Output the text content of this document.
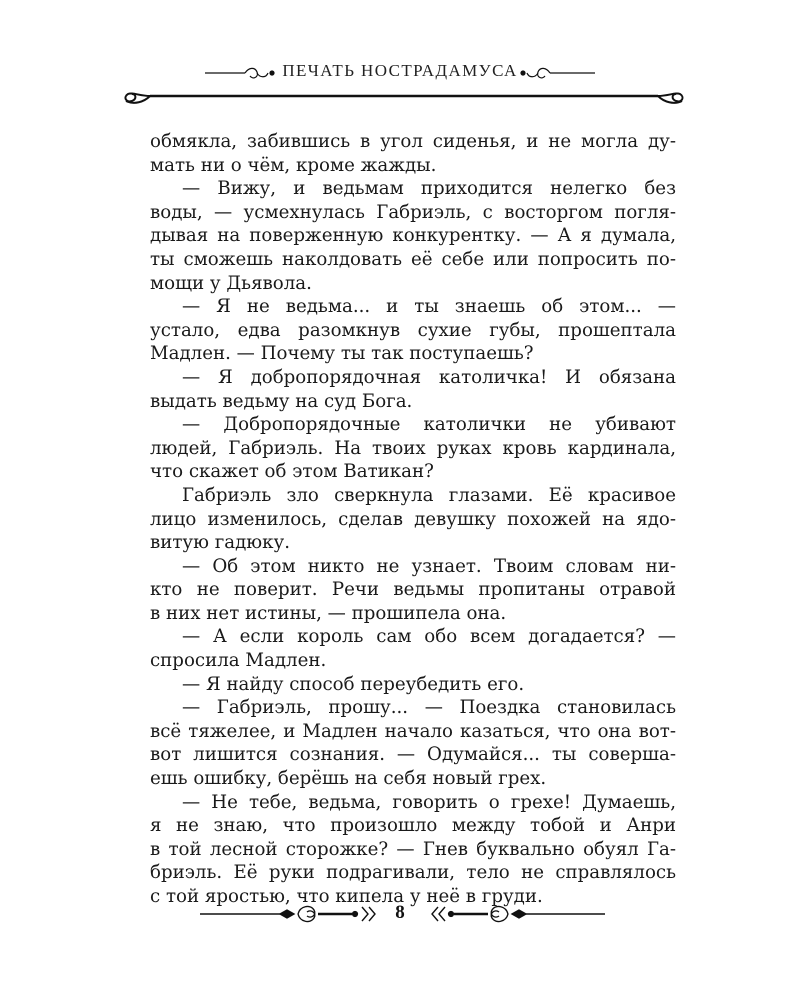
ПЕЧАТЬ НОСТРАДАМУСА
обмякла, забившись в угол сиденья, и не могла ду-
мать ни о чём, кроме жажды.
— Вижу, и ведьмам приходится нелегко без
воды, — усмехнулась Габриэль, с восторгом погля-
дывая на поверженную конкурентку. — А я думала,
ты сможешь наколдовать её себе или попросить по-
мощи у Дьявола.
— Я не ведьма... и ты знаешь об этом... —
устало, едва разомкнув сухие губы, прошептала
Мадлен. — Почему ты так поступаешь?
— Я добропорядочная католичка! И обязана
выдать ведьму на суд Бога.
— Добропорядочные католички не убивают
людей, Габриэль. На твоих руках кровь кардинала,
что скажет об этом Ватикан?
Габриэль зло сверкнула глазами. Её красивое
лицо изменилось, сделав девушку похожей на ядо-
витую гадюку.
— Об этом никто не узнает. Твоим словам ни-
кто не поверит. Речи ведьмы пропитаны отравой
в них нет истины, — прошипела она.
— А если король сам обо всем догадается? —
спросила Мадлен.
— Я найду способ переубедить его.
— Габриэль, прошу... — Поездка становилась
всё тяжелее, и Мадлен начало казаться, что она вот-
вот лишится сознания. — Одумайся... ты соверша-
ешь ошибку, берёшь на себя новый грех.
— Не тебе, ведьма, говорить о грехе! Думаешь,
я не знаю, что произошло между тобой и Анри
в той лесной сторожке? — Гнев буквально обуял Га-
бриэль. Её руки подрагивали, тело не справлялось
с той яростью, что кипела у неё в груди.
8
